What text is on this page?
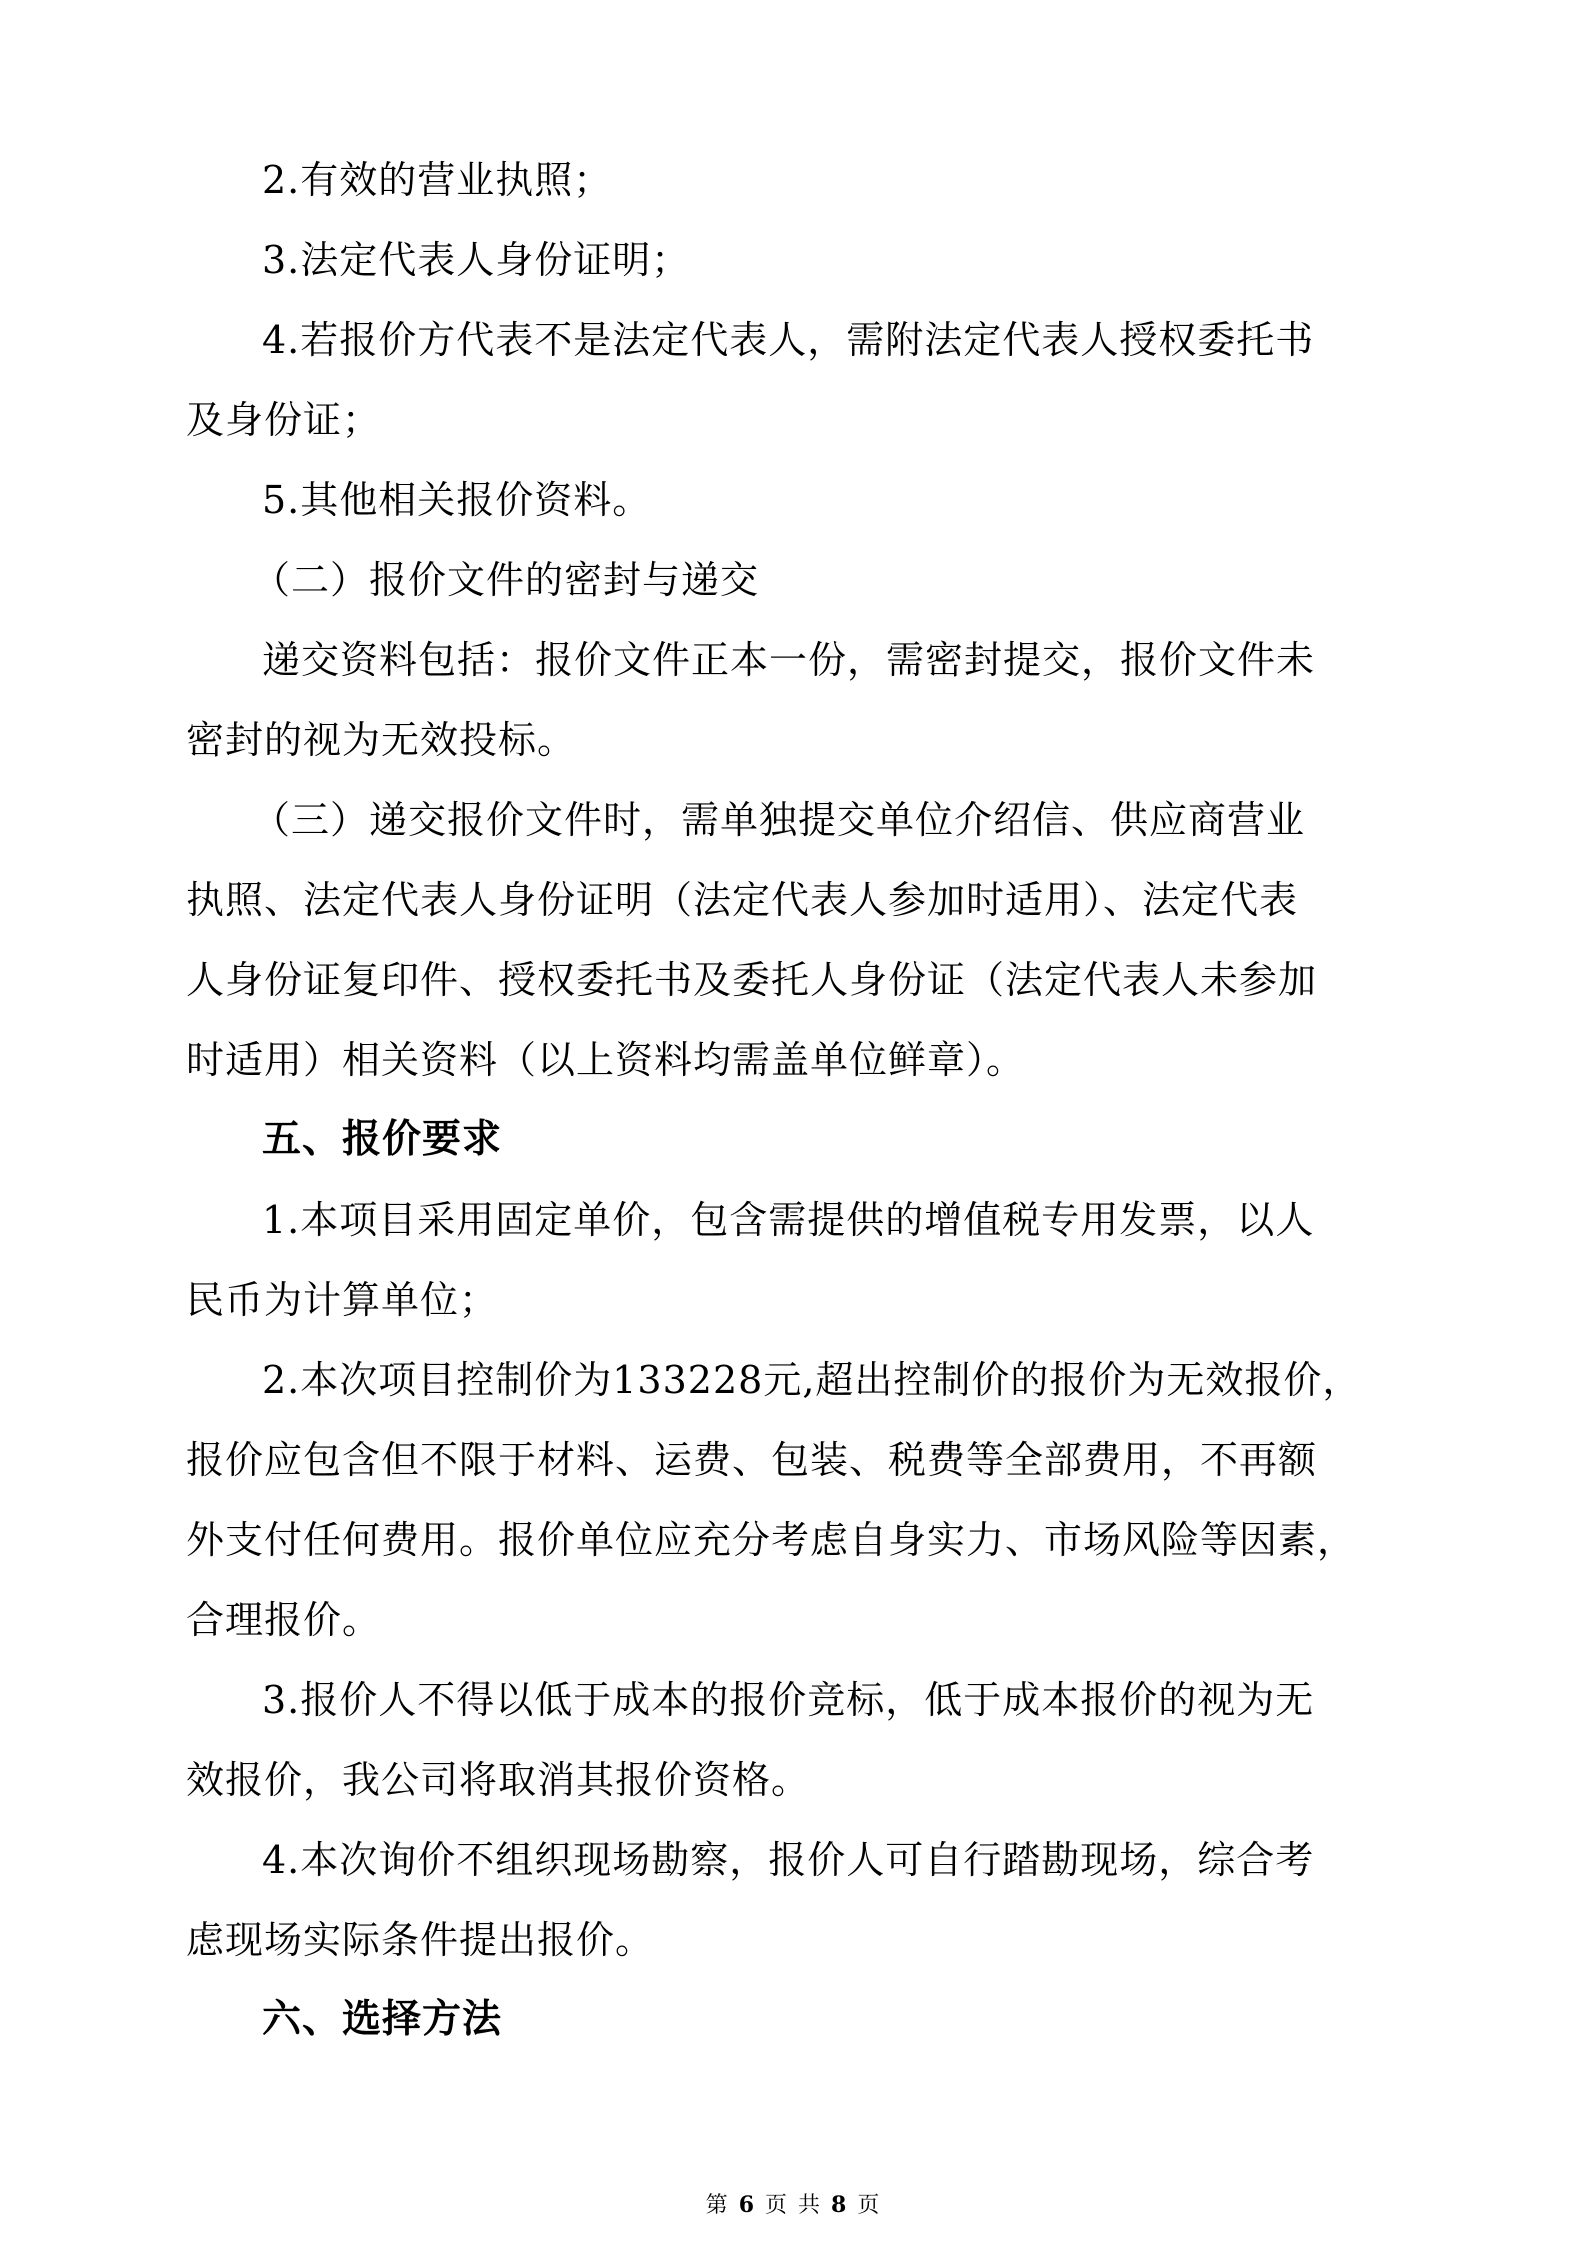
2.有效的营业执照；

3.法定代表人身份证明；

4.若报价方代表不是法定代表人，需附法定代表人授权委托书

及身份证；

5.其他相关报价资料。

（二）报价文件的密封与递交

递交资料包括：报价文件正本一份，需密封提交，报价文件未

密封的视为无效投标。

（三）递交报价文件时，需单独提交单位介绍信、供应商营业

执照、法定代表人身份证明（法定代表人参加时适用）、法定代表

人身份证复印件、授权委托书及委托人身份证（法定代表人未参加

时适用）相关资料（以上资料均需盖单位鲜章）。

五、报价要求

1.本项目采用固定单价，包含需提供的增值税专用发票，以人

民币为计算单位；

2.本次项目控制价为133228元,超出控制价的报价为无效报价，

报价应包含但不限于材料、运费、包装、税费等全部费用，不再额

外支付任何费用。报价单位应充分考虑自身实力、市场风险等因素，

合理报价。

3.报价人不得以低于成本的报价竞标，低于成本报价的视为无

效报价，我公司将取消其报价资格。

4.本次询价不组织现场勘察，报价人可自行踏勘现场，综合考

虑现场实际条件提出报价。

六、选择方法

第 6 页 共 8 页
